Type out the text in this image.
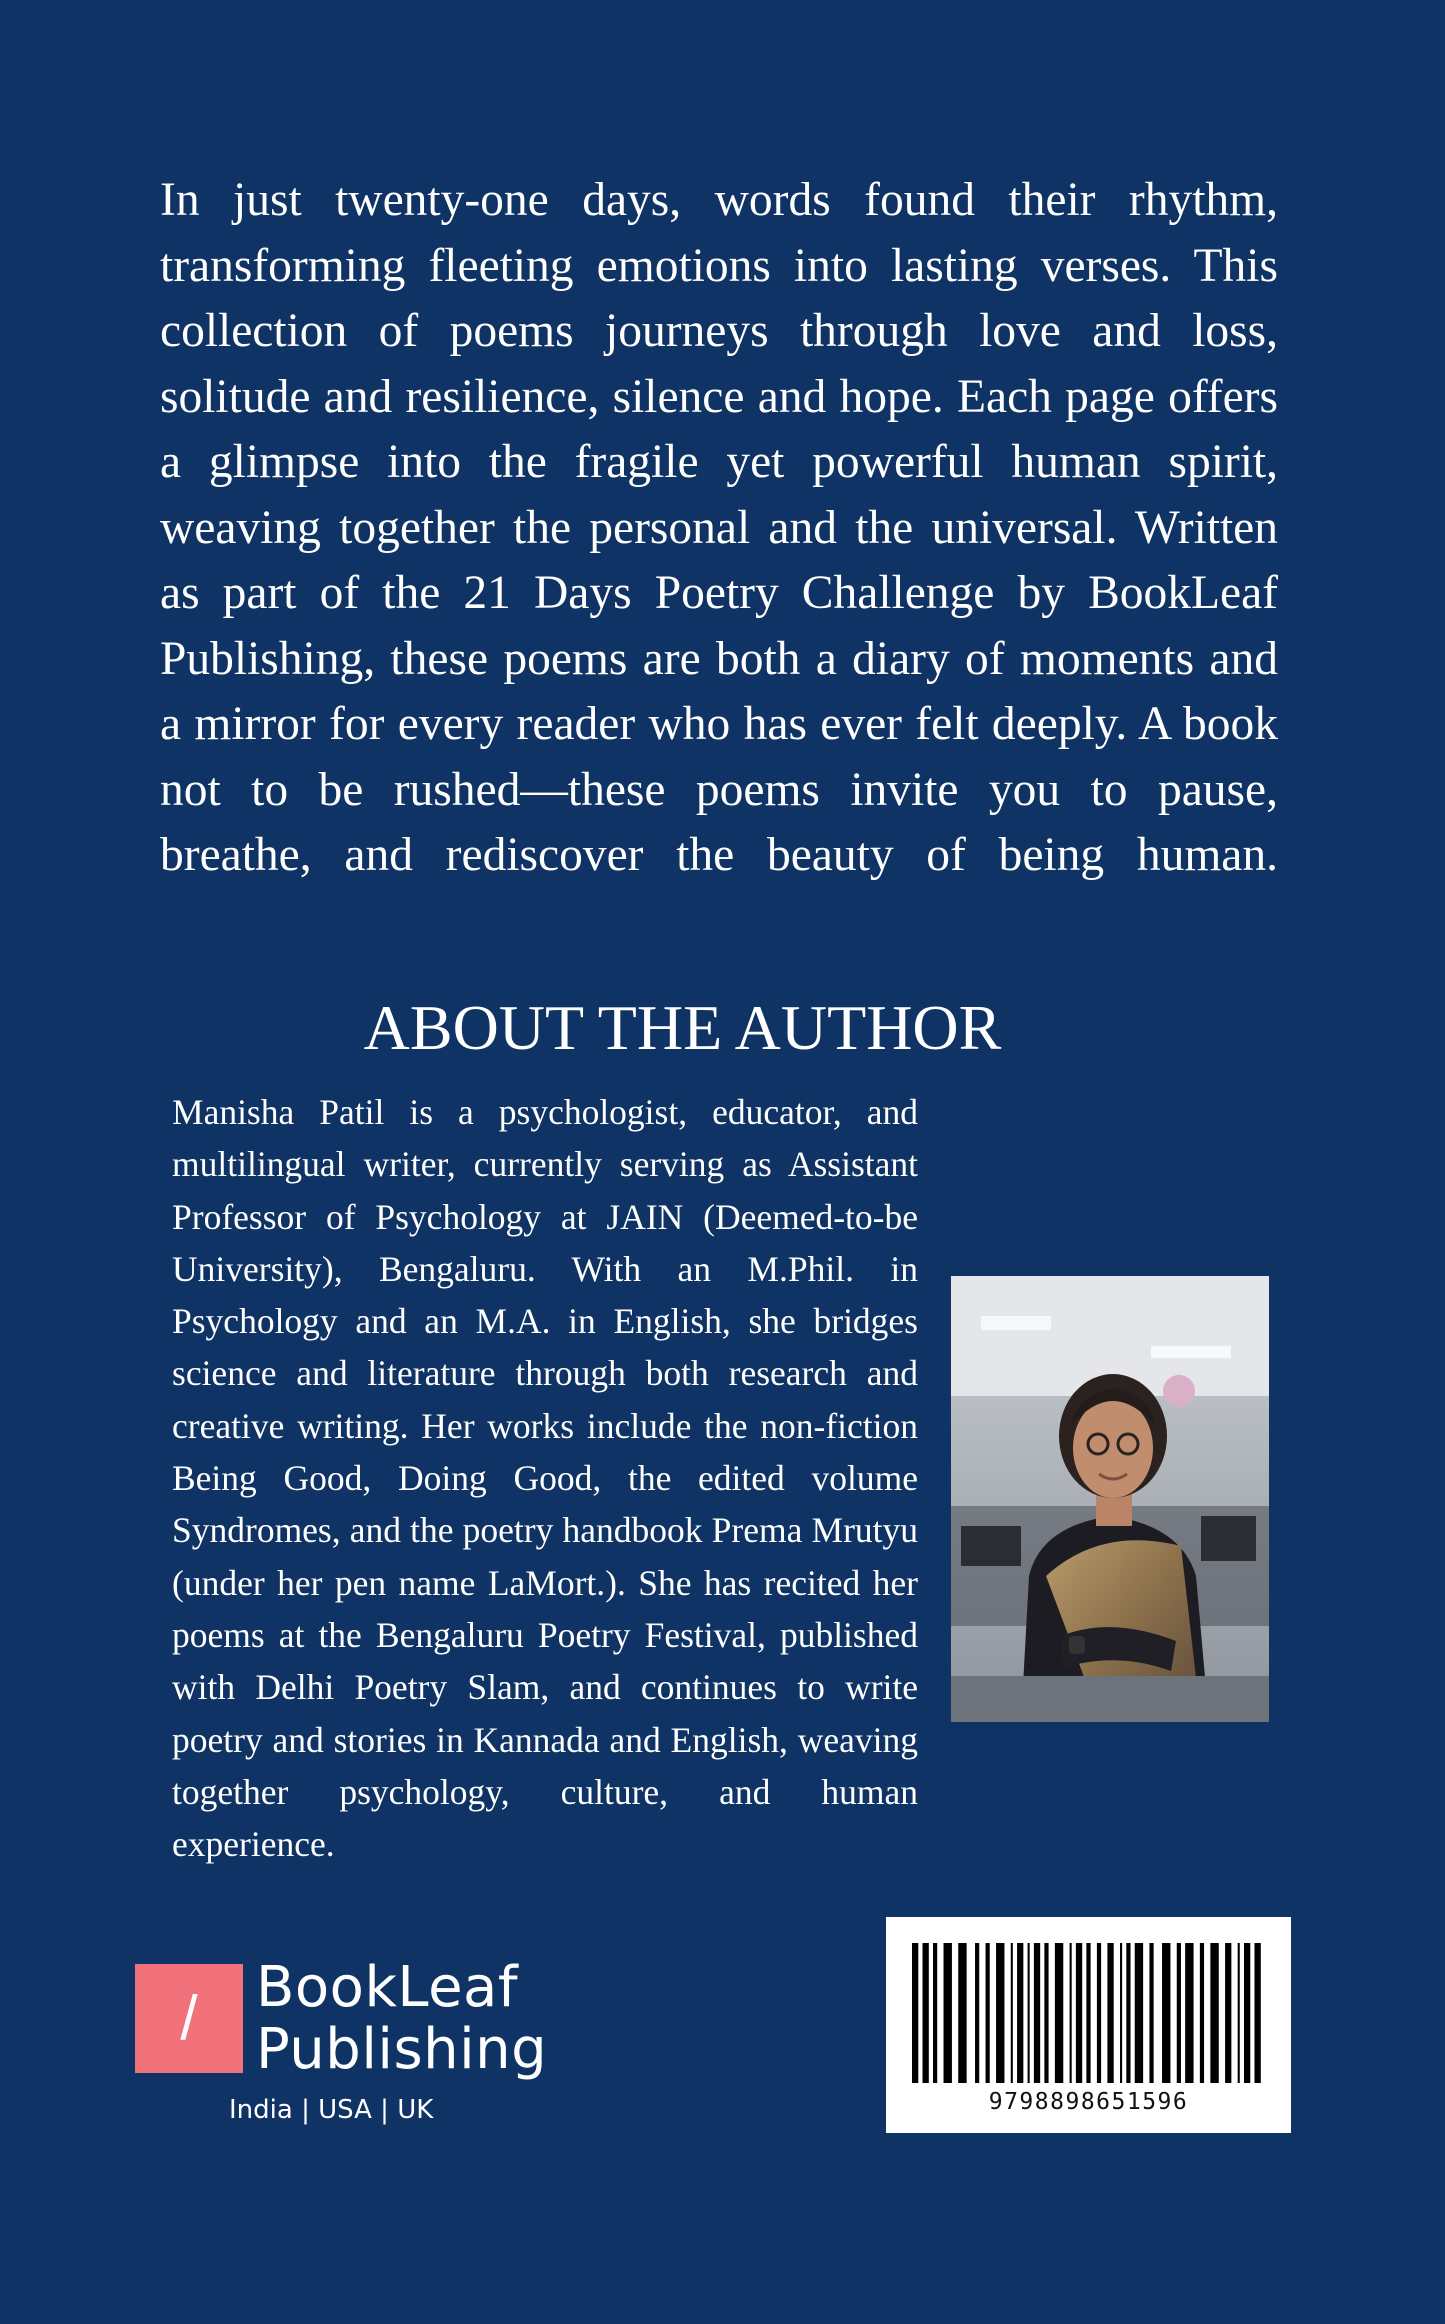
In just twenty-one days, words found their rhythm, transforming fleeting emotions into lasting verses. This collection of poems journeys through love and loss, solitude and resilience, silence and hope. Each page offers a glimpse into the fragile yet powerful human spirit, weaving together the personal and the universal. Written as part of the 21 Days Poetry Challenge by BookLeaf Publishing, these poems are both a diary of moments and a mirror for every reader who has ever felt deeply. A book not to be rushed—these poems invite you to pause, breathe, and rediscover the beauty of being human.

ABOUT THE AUTHOR

Manisha Patil is a psychologist, educator, and multilingual writer, currently serving as Assistant Professor of Psychology at JAIN (Deemed-to-be University), Bengaluru. With an M.Phil. in Psychology and an M.A. in English, she bridges science and literature through both research and creative writing. Her works include the non-fiction Being Good, Doing Good, the edited volume Syndromes, and the poetry handbook Prema Mrutyu (under her pen name LaMort.). She has recited her poems at the Bengaluru Poetry Festival, published with Delhi Poetry Slam, and continues to write poetry and stories in Kannada and English, weaving together psychology, culture, and human experience.

/	BookLeaf
Publishing
India | USA | UK	9798898651596
